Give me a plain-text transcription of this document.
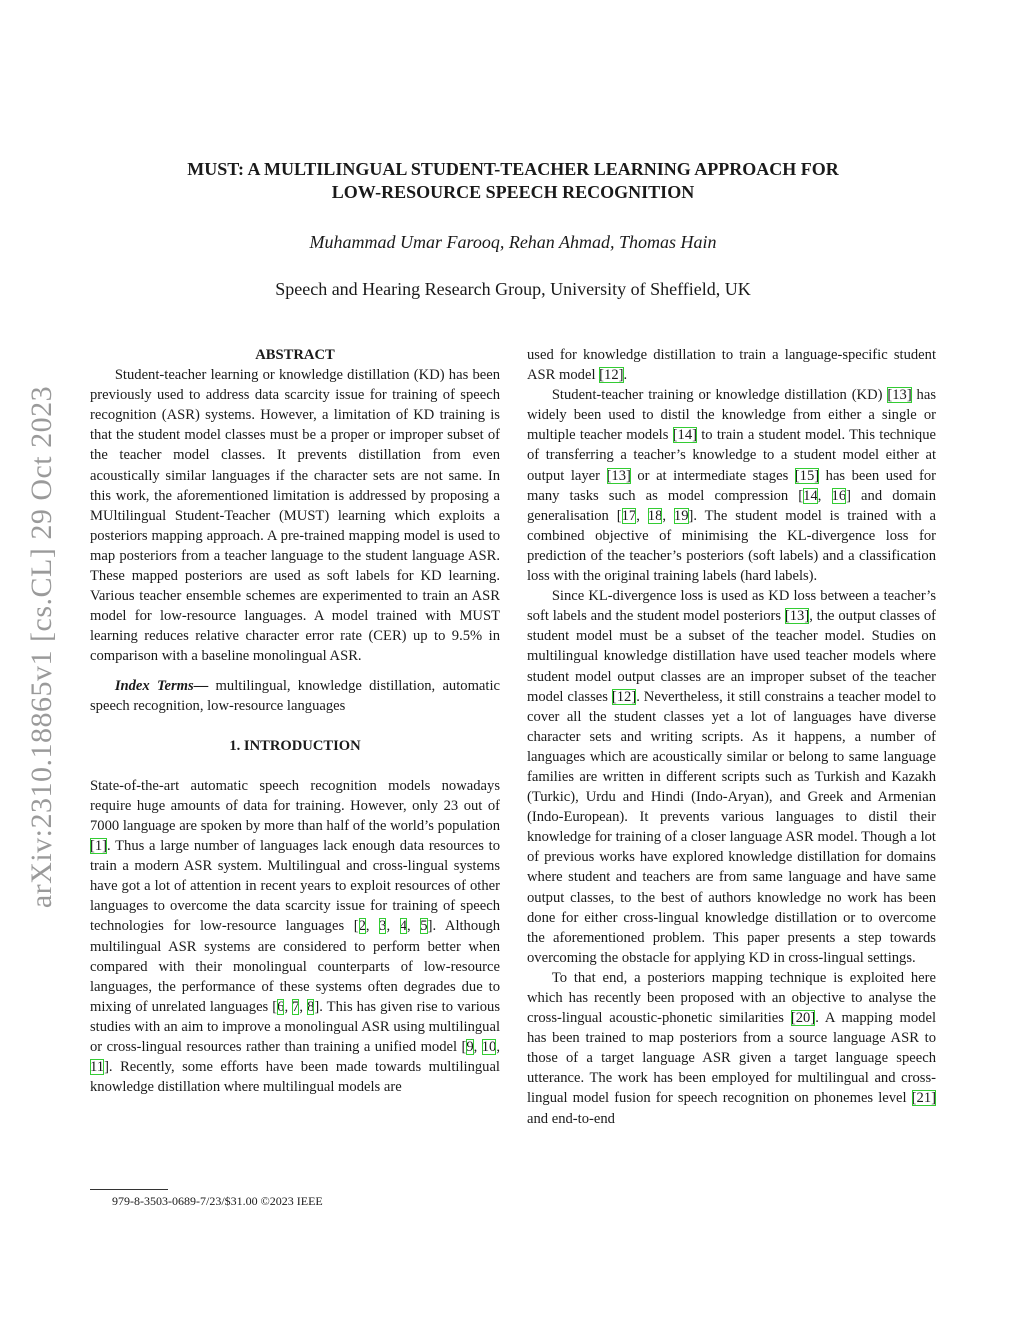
arXiv:2310.18865v1 [cs.CL] 29 Oct 2023
MUST: A MULTILINGUAL STUDENT-TEACHER LEARNING APPROACH FOR
LOW-RESOURCE SPEECH RECOGNITION
Muhammad Umar Farooq, Rehan Ahmad, Thomas Hain
Speech and Hearing Research Group, University of Sheffield, UK
ABSTRACT

Student-teacher learning or knowledge distillation (KD) has been previously used to address data scarcity issue for training of speech recognition (ASR) systems. However, a limitation of KD training is that the student model classes must be a proper or improper subset of the teacher model classes. It prevents distillation from even acoustically similar languages if the character sets are not same. In this work, the aforementioned limitation is addressed by proposing a MUltilingual Student-Teacher (MUST) learning which exploits a posteriors mapping approach. A pre-trained mapping model is used to map posteriors from a teacher language to the student language ASR. These mapped posteriors are used as soft labels for KD learning. Various teacher ensemble schemes are experimented to train an ASR model for low-resource languages. A model trained with MUST learning reduces relative character error rate (CER) up to 9.5% in comparison with a baseline monolingual ASR.

Index Terms— multilingual, knowledge distillation, automatic speech recognition, low-resource languages

1. INTRODUCTION

State-of-the-art automatic speech recognition models nowadays require huge amounts of data for training. However, only 23 out of 7000 language are spoken by more than half of the world’s population [1]. Thus a large number of languages lack enough data resources to train a modern ASR system. Multilingual and cross-lingual systems have got a lot of attention in recent years to exploit resources of other languages to overcome the data scarcity issue for training of speech technologies for low-resource languages [2, 3, 4, 5]. Although multilingual ASR systems are considered to perform better when compared with their monolingual counterparts of low-resource languages, the performance of these systems often degrades due to mixing of unrelated languages [6, 7, 8]. This has given rise to various studies with an aim to improve a monolingual ASR using multilingual or cross-lingual resources rather than training a unified model [9, 10, 11]. Recently, some efforts have been made towards multilingual knowledge distillation where multilingual models are

used for knowledge distillation to train a language-specific student ASR model [12].

Student-teacher training or knowledge distillation (KD) [13] has widely been used to distil the knowledge from either a single or multiple teacher models [14] to train a student model. This technique of transferring a teacher’s knowledge to a student model either at output layer [13] or at intermediate stages [15] has been used for many tasks such as model compression [14, 16] and domain generalisation [17, 18, 19]. The student model is trained with a combined objective of minimising the KL-divergence loss for prediction of the teacher’s posteriors (soft labels) and a classification loss with the original training labels (hard labels).

Since KL-divergence loss is used as KD loss between a teacher’s soft labels and the student model posteriors [13], the output classes of student model must be a subset of the teacher model. Studies on multilingual knowledge distillation have used teacher models where student model output classes are an improper subset of the teacher model classes [12]. Nevertheless, it still constrains a teacher model to cover all the student classes yet a lot of languages have diverse character sets and writing scripts. As it happens, a number of languages which are acoustically similar or belong to same language families are written in different scripts such as Turkish and Kazakh (Turkic), Urdu and Hindi (Indo-Aryan), and Greek and Armenian (Indo-European). It prevents various languages to distil their knowledge for training of a closer language ASR model. Though a lot of previous works have explored knowledge distillation for domains where student and teachers are from same language and have same output classes, to the best of authors knowledge no work has been done for either cross-lingual knowledge distillation or to overcome the aforementioned problem. This paper presents a step towards overcoming the obstacle for applying KD in cross-lingual settings.

To that end, a posteriors mapping technique is exploited here which has recently been proposed with an objective to analyse the cross-lingual acoustic-phonetic similarities [20]. A mapping model has been trained to map posteriors from a source language ASR to those of a target language ASR given a target language speech utterance. The work has been employed for multilingual and cross-lingual model fusion for speech recognition on phonemes level [21] and end-to-end

979-8-3503-0689-7/23/$31.00 ©2023 IEEE
